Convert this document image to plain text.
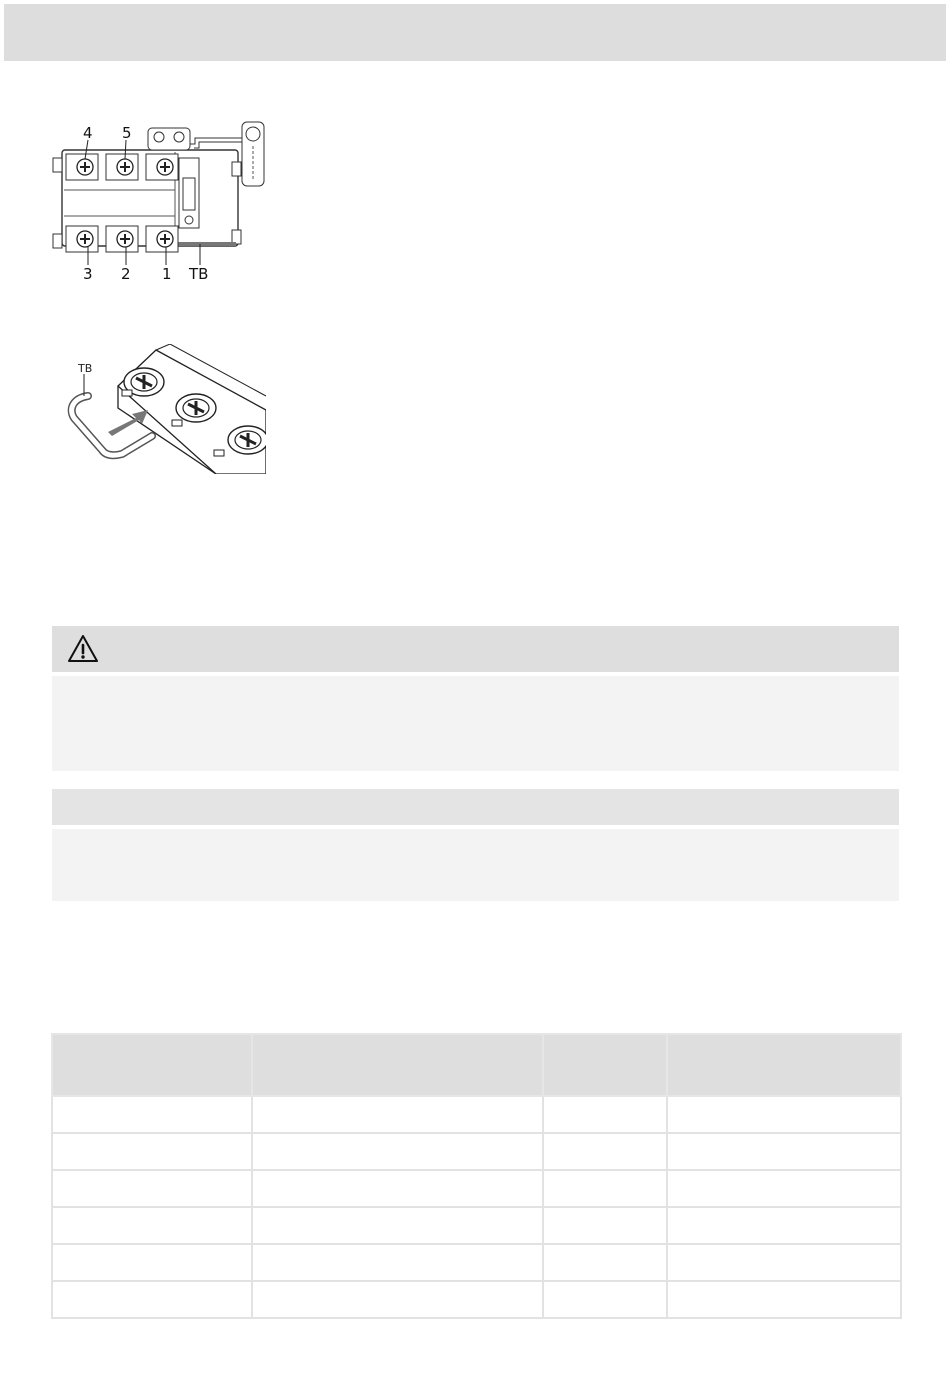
4 5
3 2 1 TB
TB
